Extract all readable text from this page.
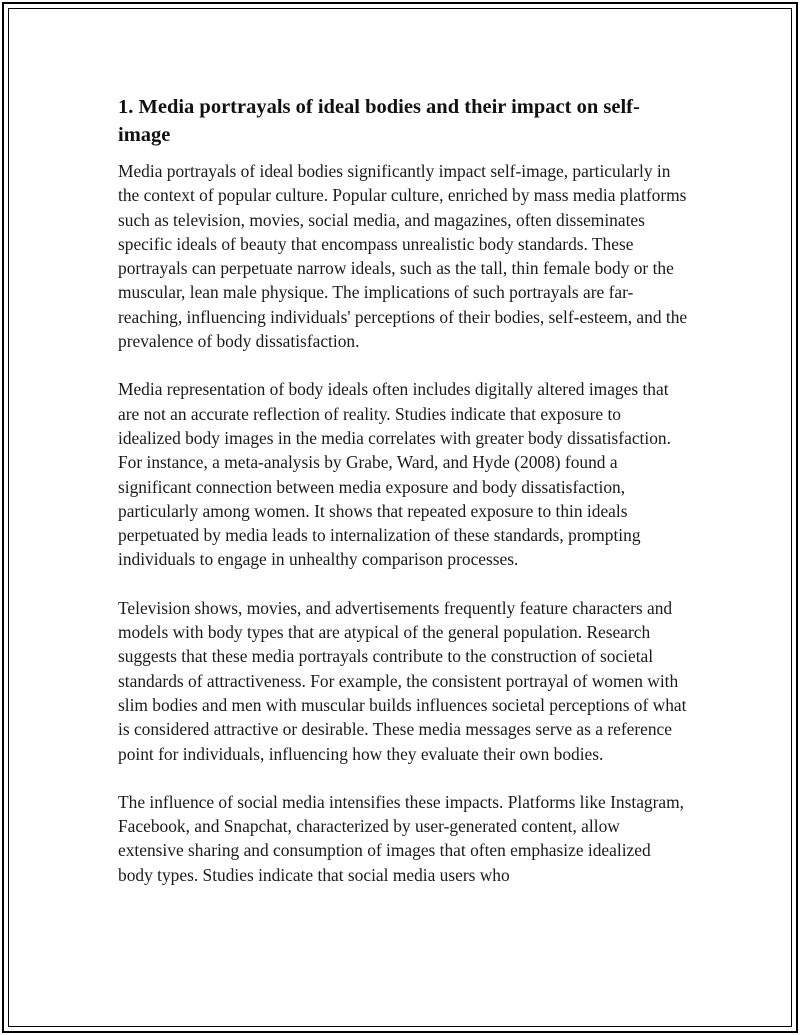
1. Media portrayals of ideal bodies and their impact on self-image

Media portrayals of ideal bodies significantly impact self-image, particularly in the context of popular culture. Popular culture, enriched by mass media platforms such as television, movies, social media, and magazines, often disseminates specific ideals of beauty that encompass unrealistic body standards. These portrayals can perpetuate narrow ideals, such as the tall, thin female body or the muscular, lean male physique. The implications of such portrayals are far-reaching, influencing individuals' perceptions of their bodies, self-esteem, and the prevalence of body dissatisfaction.

Media representation of body ideals often includes digitally altered images that are not an accurate reflection of reality. Studies indicate that exposure to idealized body images in the media correlates with greater body dissatisfaction. For instance, a meta-analysis by Grabe, Ward, and Hyde (2008) found a significant connection between media exposure and body dissatisfaction, particularly among women. It shows that repeated exposure to thin ideals perpetuated by media leads to internalization of these standards, prompting individuals to engage in unhealthy comparison processes.

Television shows, movies, and advertisements frequently feature characters and models with body types that are atypical of the general population. Research suggests that these media portrayals contribute to the construction of societal standards of attractiveness. For example, the consistent portrayal of women with slim bodies and men with muscular builds influences societal perceptions of what is considered attractive or desirable. These media messages serve as a reference point for individuals, influencing how they evaluate their own bodies.

The influence of social media intensifies these impacts. Platforms like Instagram, Facebook, and Snapchat, characterized by user-generated content, allow extensive sharing and consumption of images that often emphasize idealized body types. Studies indicate that social media users who
